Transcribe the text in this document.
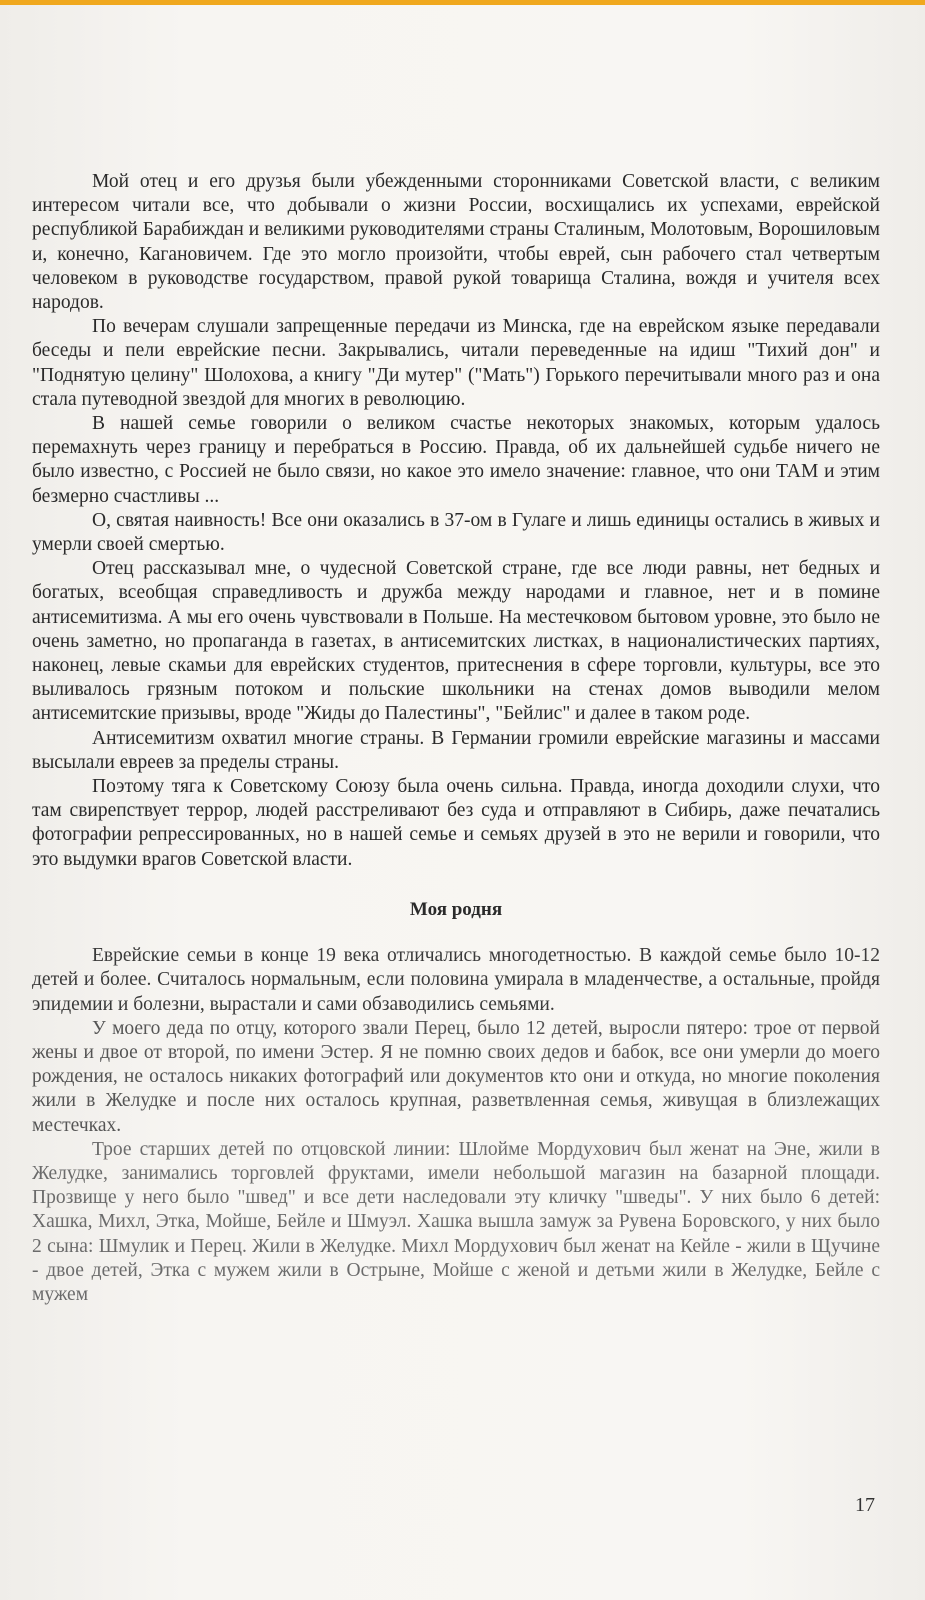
Мой отец и его друзья были убежденными сторонниками Советской власти, с великим интересом читали все, что добывали о жизни России, восхищались их успехами, еврейской республикой Барабиждан и великими руководителями страны Сталиным, Молотовым, Ворошиловым и, конечно, Кагановичем. Где это могло произойти, чтобы еврей, сын рабочего стал четвертым человеком в руководстве государством, правой рукой товарища Сталина, вождя и учителя всех народов.

По вечерам слушали запрещенные передачи из Минска, где на еврейском языке передавали беседы и пели еврейские песни. Закрывались, читали переведенные на идиш "Тихий дон" и "Поднятую целину" Шолохова, а книгу "Ди мутер" ("Мать") Горького перечитывали много раз и она стала путеводной звездой для многих в революцию.

В нашей семье говорили о великом счастье некоторых знакомых, которым удалось перемахнуть через границу и перебраться в Россию. Правда, об их дальнейшей судьбе ничего не было известно, с Россией не было связи, но какое это имело значение: главное, что они ТАМ и этим безмерно счастливы ...

О, святая наивность! Все они оказались в 37-ом в Гулаге и лишь единицы остались в живых и умерли своей смертью.

Отец рассказывал мне, о чудесной Советской стране, где все люди равны, нет бедных и богатых, всеобщая справедливость и дружба между народами и главное, нет и в помине антисемитизма. А мы его очень чувствовали в Польше. На местечковом бытовом уровне, это было не очень заметно, но пропаганда в газетах, в антисемитских листках, в националистических партиях, наконец, левые скамьи для еврейских студентов, притеснения в сфере торговли, культуры, все это выливалось грязным потоком и польские школьники на стенах домов выводили мелом антисемитские призывы, вроде "Жиды до Палестины", "Бейлис" и далее в таком роде.

Антисемитизм охватил многие страны. В Германии громили еврейские магазины и массами высылали евреев за пределы страны.

Поэтому тяга к Советскому Союзу была очень сильна. Правда, иногда доходили слухи, что там свирепствует террор, людей расстреливают без суда и отправляют в Сибирь, даже печатались фотографии репрессированных, но в нашей семье и семьях друзей в это не верили и говорили, что это выдумки врагов Советской власти.

Моя родня

Еврейские семьи в конце 19 века отличались многодетностью. В каждой семье было 10-12 детей и более. Считалось нормальным, если половина умирала в младенчестве, а остальные, пройдя эпидемии и болезни, вырастали и сами обзаводились семьями.

У моего деда по отцу, которого звали Перец, было 12 детей, выросли пятеро: трое от первой жены и двое от второй, по имени Эстер. Я не помню своих дедов и бабок, все они умерли до моего рождения, не осталось никаких фотографий или документов кто они и откуда, но многие поколения жили в Желудке и после них осталось крупная, разветвленная семья, живущая в близлежащих местечках.

Трое старших детей по отцовской линии: Шлойме Мордухович был женат на Эне, жили в Желудке, занимались торговлей фруктами, имели небольшой магазин на базарной площади. Прозвище у него было "швед" и все дети наследовали эту кличку "шведы". У них было 6 детей: Хашка, Михл, Этка, Мойше, Бейле и Шмуэл. Хашка вышла замуж за Рувена Боровского, у них было 2 сына: Шмулик и Перец. Жили в Желудке. Михл Мордухович был женат на Кейле - жили в Щучине - двое детей, Этка с мужем жили в Острыне, Мойше с женой и детьми жили в Желудке, Бейле с мужем

17
